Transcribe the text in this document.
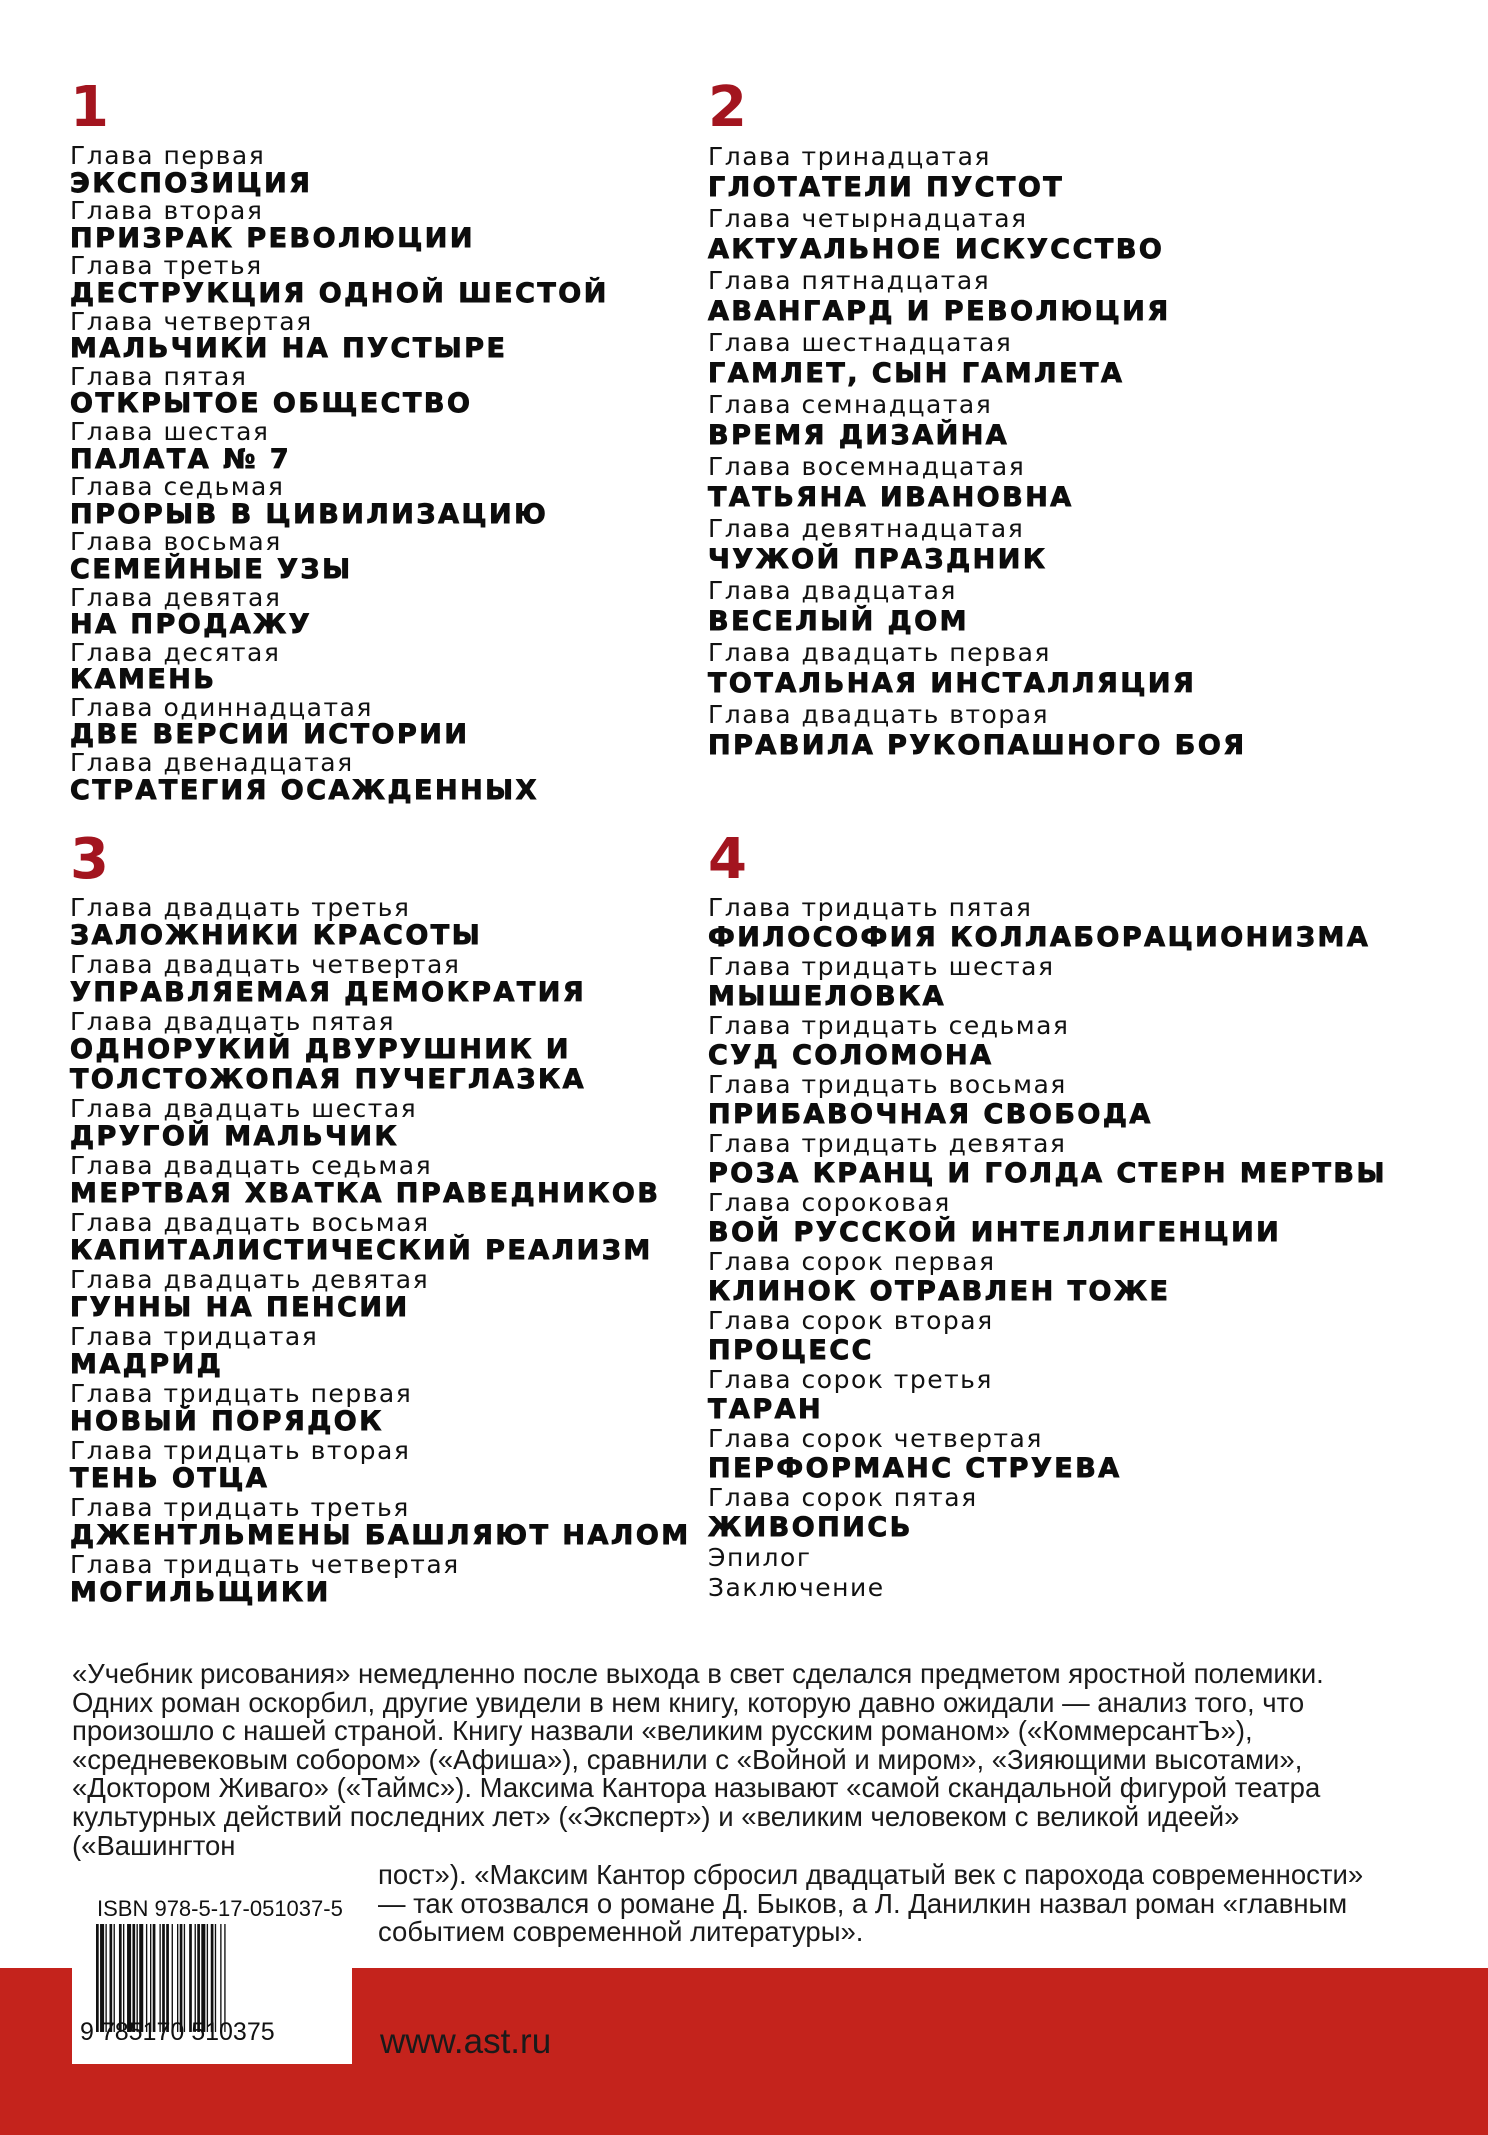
1
Глава первая
ЭКСПОЗИЦИЯ
Глава вторая
ПРИЗРАК РЕВОЛЮЦИИ
Глава третья
ДЕСТРУКЦИЯ ОДНОЙ ШЕСТОЙ
Глава четвертая
МАЛЬЧИКИ НА ПУСТЫРЕ
Глава пятая
ОТКРЫТОЕ ОБЩЕСТВО
Глава шестая
ПАЛАТА № 7
Глава седьмая
ПРОРЫВ В ЦИВИЛИЗАЦИЮ
Глава восьмая
СЕМЕЙНЫЕ УЗЫ
Глава девятая
НА ПРОДАЖУ
Глава десятая
КАМЕНЬ
Глава одиннадцатая
ДВЕ ВЕРСИИ ИСТОРИИ
Глава двенадцатая
СТРАТЕГИЯ ОСАЖДЕННЫХ
2
Глава тринадцатая
ГЛОТАТЕЛИ ПУСТОТ
Глава четырнадцатая
АКТУАЛЬНОЕ ИСКУССТВО
Глава пятнадцатая
АВАНГАРД И РЕВОЛЮЦИЯ
Глава шестнадцатая
ГАМЛЕТ, СЫН ГАМЛЕТА
Глава семнадцатая
ВРЕМЯ ДИЗАЙНА
Глава восемнадцатая
ТАТЬЯНА ИВАНОВНА
Глава девятнадцатая
ЧУЖОЙ ПРАЗДНИК
Глава двадцатая
ВЕСЕЛЫЙ ДОМ
Глава двадцать первая
ТОТАЛЬНАЯ ИНСТАЛЛЯЦИЯ
Глава двадцать вторая
ПРАВИЛА РУКОПАШНОГО БОЯ
3
Глава двадцать третья
ЗАЛОЖНИКИ КРАСОТЫ
Глава двадцать четвертая
УПРАВЛЯЕМАЯ ДЕМОКРАТИЯ
Глава двадцать пятая
ОДНОРУКИЙ ДВУРУШНИК И
ТОЛСТОЖОПАЯ ПУЧЕГЛАЗКА
Глава двадцать шестая
ДРУГОЙ МАЛЬЧИК
Глава двадцать седьмая
МЕРТВАЯ ХВАТКА ПРАВЕДНИКОВ
Глава двадцать восьмая
КАПИТАЛИСТИЧЕСКИЙ РЕАЛИЗМ
Глава двадцать девятая
ГУННЫ НА ПЕНСИИ
Глава тридцатая
МАДРИД
Глава тридцать первая
НОВЫЙ ПОРЯДОК
Глава тридцать вторая
ТЕНЬ ОТЦА
Глава тридцать третья
ДЖЕНТЛЬМЕНЫ БАШЛЯЮТ НАЛОМ
Глава тридцать четвертая
МОГИЛЬЩИКИ
4
Глава тридцать пятая
ФИЛОСОФИЯ КОЛЛАБОРАЦИОНИЗМА
Глава тридцать шестая
МЫШЕЛОВКА
Глава тридцать седьмая
СУД СОЛОМОНА
Глава тридцать восьмая
ПРИБАВОЧНАЯ СВОБОДА
Глава тридцать девятая
РОЗА КРАНЦ И ГОЛДА СТЕРН МЕРТВЫ
Глава сороковая
ВОЙ РУССКОЙ ИНТЕЛЛИГЕНЦИИ
Глава сорок первая
КЛИНОК ОТРАВЛЕН ТОЖЕ
Глава сорок вторая
ПРОЦЕСС
Глава сорок третья
ТАРАН
Глава сорок четвертая
ПЕРФОРМАНС СТРУЕВА
Глава сорок пятая
ЖИВОПИСЬ
Эпилог
Заключение
«Учебник рисования» немедленно после выхода в свет сделался предметом яростной полемики. Одних роман оскорбил, другие увидели в нем книгу, которую давно ожидали — анализ того, что произошло с нашей страной. Книгу назвали «великим русским романом» («КоммерсантЪ»), «средневековым собором» («Афиша»), сравнили с «Войной и миром», «Зияющими высотами», «Доктором Живаго» («Таймс»). Максима Кантора называют «самой скандальной фигурой театра культурных действий последних лет» («Эксперт») и «великим человеком с великой идеей» («Вашингтон
пост»). «Максим Кантор сбросил двадцатый век с парохода современности» — так отозвался о романе Д. Быков, а Л. Данилкин назвал роман «главным событием современной литературы».
ISBN 978-5-17-051037-5
9 785170 510375	www.ast.ru
